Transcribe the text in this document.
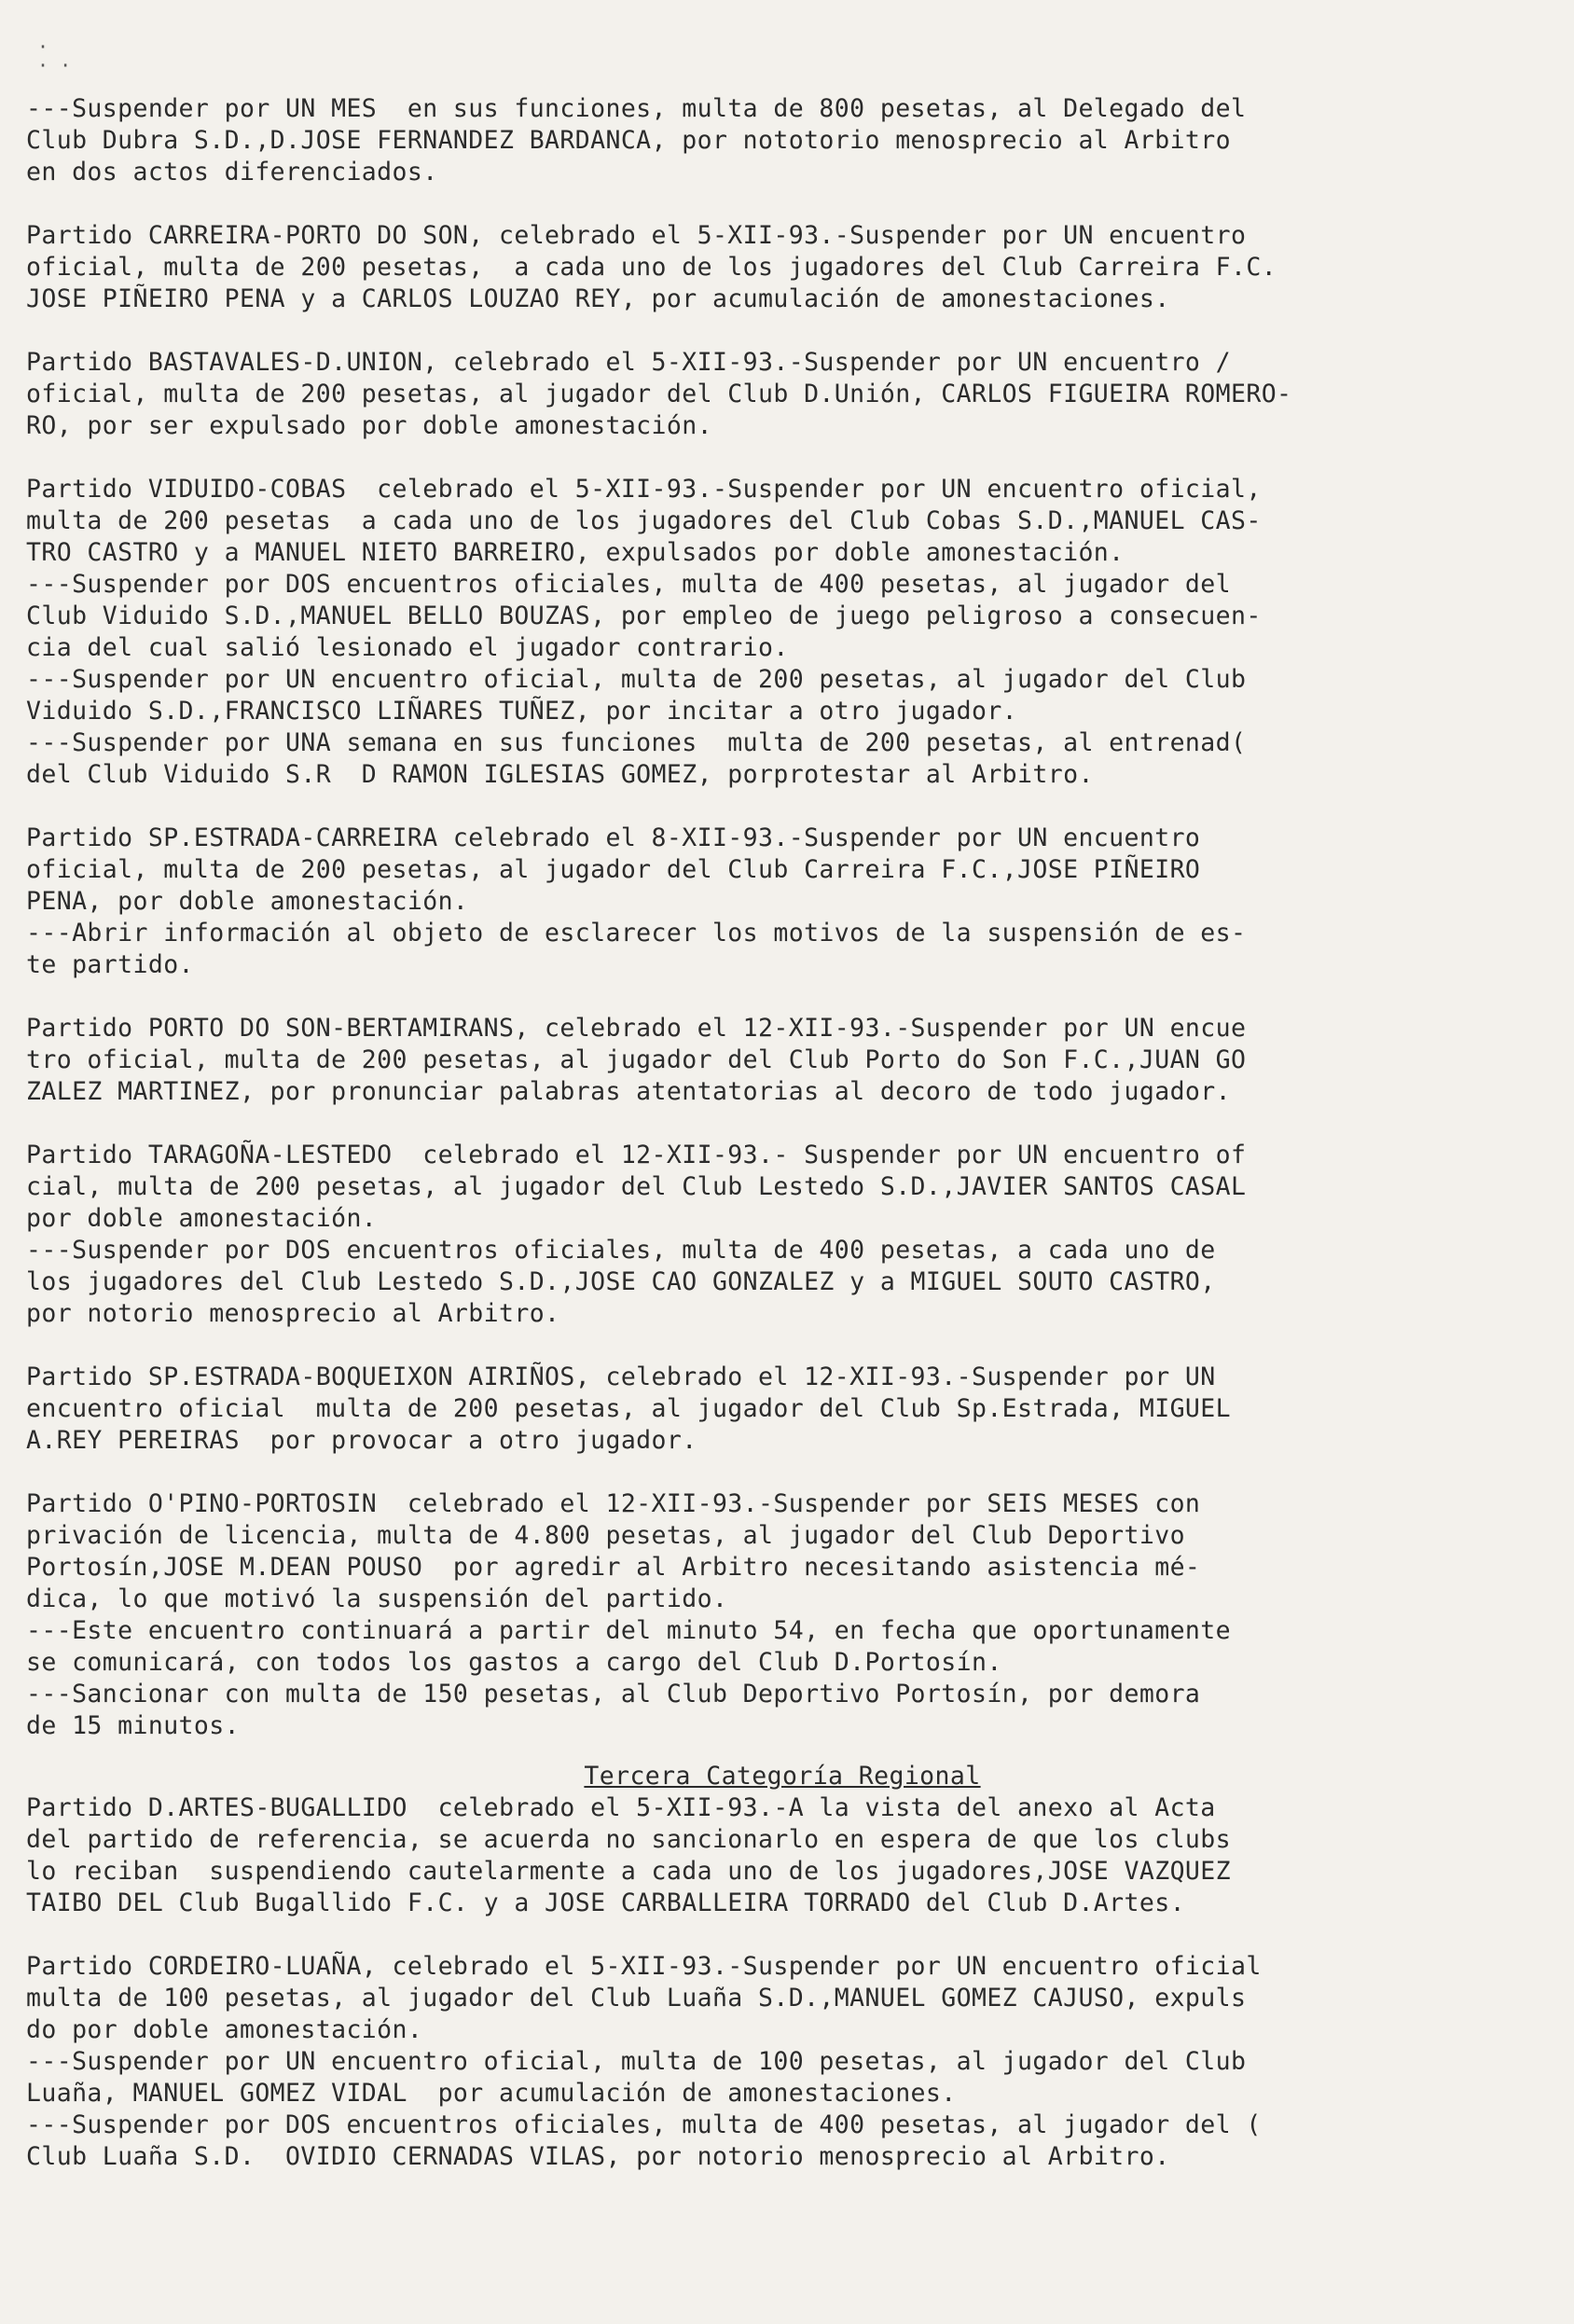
·
· ·
---Suspender por UN MES  en sus funciones, multa de 800 pesetas, al Delegado del
Club Dubra S.D.,D.JOSE FERNANDEZ BARDANCA, por nototorio menosprecio al Arbitro
en dos actos diferenciados.
Partido CARREIRA-PORTO DO SON, celebrado el 5-XII-93.-Suspender por UN encuentro
oficial, multa de 200 pesetas,  a cada uno de los jugadores del Club Carreira F.C.
JOSE PIÑEIRO PENA y a CARLOS LOUZAO REY, por acumulación de amonestaciones.
Partido BASTAVALES-D.UNION, celebrado el 5-XII-93.-Suspender por UN encuentro /
oficial, multa de 200 pesetas, al jugador del Club D.Unión, CARLOS FIGUEIRA ROMERO-
RO, por ser expulsado por doble amonestación.
Partido VIDUIDO-COBAS  celebrado el 5-XII-93.-Suspender por UN encuentro oficial,
multa de 200 pesetas  a cada uno de los jugadores del Club Cobas S.D.,MANUEL CAS-
TRO CASTRO y a MANUEL NIETO BARREIRO, expulsados por doble amonestación.
---Suspender por DOS encuentros oficiales, multa de 400 pesetas, al jugador del
Club Viduido S.D.,MANUEL BELLO BOUZAS, por empleo de juego peligroso a consecuen-
cia del cual salió lesionado el jugador contrario.
---Suspender por UN encuentro oficial, multa de 200 pesetas, al jugador del Club
Viduido S.D.,FRANCISCO LIÑARES TUÑEZ, por incitar a otro jugador.
---Suspender por UNA semana en sus funciones  multa de 200 pesetas, al entrenad(
del Club Viduido S.R  D RAMON IGLESIAS GOMEZ, porprotestar al Arbitro.
Partido SP.ESTRADA-CARREIRA celebrado el 8-XII-93.-Suspender por UN encuentro
oficial, multa de 200 pesetas, al jugador del Club Carreira F.C.,JOSE PIÑEIRO
PENA, por doble amonestación.
---Abrir información al objeto de esclarecer los motivos de la suspensión de es-
te partido.
Partido PORTO DO SON-BERTAMIRANS, celebrado el 12-XII-93.-Suspender por UN encue
tro oficial, multa de 200 pesetas, al jugador del Club Porto do Son F.C.,JUAN GO
ZALEZ MARTINEZ, por pronunciar palabras atentatorias al decoro de todo jugador.
Partido TARAGOÑA-LESTEDO  celebrado el 12-XII-93.- Suspender por UN encuentro of
cial, multa de 200 pesetas, al jugador del Club Lestedo S.D.,JAVIER SANTOS CASAL
por doble amonestación.
---Suspender por DOS encuentros oficiales, multa de 400 pesetas, a cada uno de
los jugadores del Club Lestedo S.D.,JOSE CAO GONZALEZ y a MIGUEL SOUTO CASTRO,
por notorio menosprecio al Arbitro.
Partido SP.ESTRADA-BOQUEIXON AIRIÑOS, celebrado el 12-XII-93.-Suspender por UN
encuentro oficial  multa de 200 pesetas, al jugador del Club Sp.Estrada, MIGUEL
A.REY PEREIRAS  por provocar a otro jugador.
Partido O'PINO-PORTOSIN  celebrado el 12-XII-93.-Suspender por SEIS MESES con
privación de licencia, multa de 4.800 pesetas, al jugador del Club Deportivo
Portosín,JOSE M.DEAN POUSO  por agredir al Arbitro necesitando asistencia mé-
dica, lo que motivó la suspensión del partido.
---Este encuentro continuará a partir del minuto 54, en fecha que oportunamente
se comunicará, con todos los gastos a cargo del Club D.Portosín.
---Sancionar con multa de 150 pesetas, al Club Deportivo Portosín, por demora
de 15 minutos.
Tercera Categoría Regional
Partido D.ARTES-BUGALLIDO  celebrado el 5-XII-93.-A la vista del anexo al Acta
del partido de referencia, se acuerda no sancionarlo en espera de que los clubs
lo reciban  suspendiendo cautelarmente a cada uno de los jugadores,JOSE VAZQUEZ
TAIBO DEL Club Bugallido F.C. y a JOSE CARBALLEIRA TORRADO del Club D.Artes.
Partido CORDEIRO-LUAÑA, celebrado el 5-XII-93.-Suspender por UN encuentro oficial
multa de 100 pesetas, al jugador del Club Luaña S.D.,MANUEL GOMEZ CAJUSO, expuls
do por doble amonestación.
---Suspender por UN encuentro oficial, multa de 100 pesetas, al jugador del Club
Luaña, MANUEL GOMEZ VIDAL  por acumulación de amonestaciones.
---Suspender por DOS encuentros oficiales, multa de 400 pesetas, al jugador del (
Club Luaña S.D.  OVIDIO CERNADAS VILAS, por notorio menosprecio al Arbitro.
